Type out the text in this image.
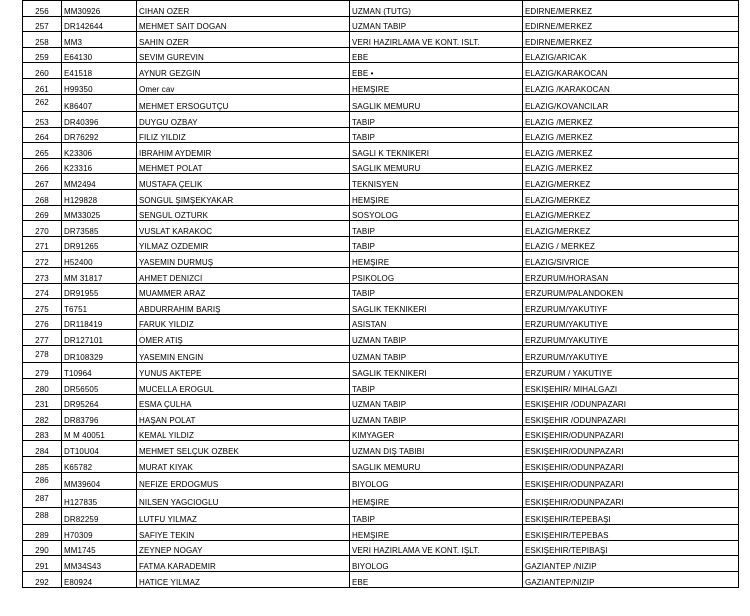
256	MM30926	CIHAN OZER	UZMAN (TUTG)	EDIRNE/MERKEZ
257	DR142644	MEHMET SAIT DOGAN	UZMAN TABIP	EDIRNE/MERKEZ
258	MM3	SAHIN OZER	VERI HAZIRLAMA VE KONT. ISLT.	EDIRNE/MERKEZ
259	E64130	SEVIM GUREVIN	EBE	ELAZIG/ARICAK
260	E41518	AYNUR GEZGIN	EBE •	ELAZIG/KARAKOCAN
261	H99350	Omer cav	HEMŞIRE	ELAZIG /KARAKOCAN
262	K86407	MEHMET ERSOGUTÇU	SAGLIK MEMURU	ELAZIG/KOVANCILAR
253	DR40396	DUYGU OZBAY	TABIP	ELAZIG /MERKEZ
264	DR76292	FILIZ YILDIZ	TABIP	ELAZIG /MERKEZ
265	K23306	IBRAHIM AYDEMIR	SAGLI K TEKNIKERI	ELAZIG /MERKEZ
266	K23316	MEHMET POLAT	SAGLIK MEMURU	ELAZIG /MERKEZ
267	MM2494	MUSTAFA ÇELIK	TEKNISYEN	ELAZIG/MERKEZ
268	H129828	SONGUL ŞIMŞEKYAKAR	HEMŞIRE	ELAZIG/MERKEZ
269	MM33025	SENGUL OZTURK	SOSYOLOG	ELAZIG/MERKEZ
270	DR73585	VUSLAT KARAKOC	TABIP	ELAZIG/MERKEZ
271	DR91265	YILMAZ OZDEMIR	TABIP	ELAZIG / MERKEZ
272	H52400	YASEMIN DURMUŞ	HEMŞIRE	ELAZIG/SIVRICE
273	MM 31817	AHMET DENIZCI	PSIKOLOG	ERZURUM/HORASAN
274	DR91955	MUAMMER ARAZ	TABIP	ERZURUM/PALANDOKEN
275	T6751	ABDURRAHIM BARIŞ	SAGLIK TEKNIKERI	ERZURUM/YAKUTIYF
276	DR118419	FARUK YILDIZ	ASISTAN	ERZURUM/YAKUTIYE
277	DR127101	OMER ATIŞ	UZMAN TABIP	ERZURUM/YAKUTIYE
278	DR108329	YASEMIN ENGIN	UZMAN TABIP	ERZURUM/YAKUTIYE
279	T10964	YUNUS AKTEPE	SAGLIK TEKNIKERI	ERZURUM / YAKUTIYE
280	DR56505	MUCELLA EROGUL	TABIP	ESKIŞEHIR/ MIHALGAZI
231	DR95264	ESMA ÇULHA	UZMAN TABIP	ESKIŞEHIR /ODUNPAZARI
282	DR83796	HAŞAN POLAT	UZMAN TABIP	ESKIŞEHIR /ODUNPAZARI
283	M M 40051	KEMAL YILDIZ	KIMYAGER	ESKIŞEHIR/ODUNPAZARI
284	DT10U04	MEHMET SELÇUK OZBEK	UZMAN DIŞ TABIBI	ESKIŞEHIR/ODUNPAZARI
285	K65782	MURAT KIYAK	SAGLIK MEMURU	ESKIŞEHIR/ODUNPAZARI
286	MM39604	NEFIZE ERDOGMUS	BIYOLOG	ESKIŞEHIR/ODUNPAZARI
287	H127835	NILSEN YAGCIOGLU	HEMŞIRE	ESKIŞEHIR/ODUNPAZARI
288	DR82259	LUTFU YILMAZ	TABIP	ESKIŞEHIR/TEPEBAŞI
289	H70309	SAFIYE TEKIN	HEMŞIRE	ESKIŞEHIR/TEPEBAS
290	MM1745	ZEYNEP NOGAY	VERI HAZIRLAMA VE KONT. IŞLT.	ESKIŞEHIR/TEPIBAŞI
291	MM34S43	FATMA KARADEMIR	BIYOLOG	GAZIANTEP /NIZIP
292	E80924	HATICE YILMAZ	EBE	GAZIANTEP/NIZIP
